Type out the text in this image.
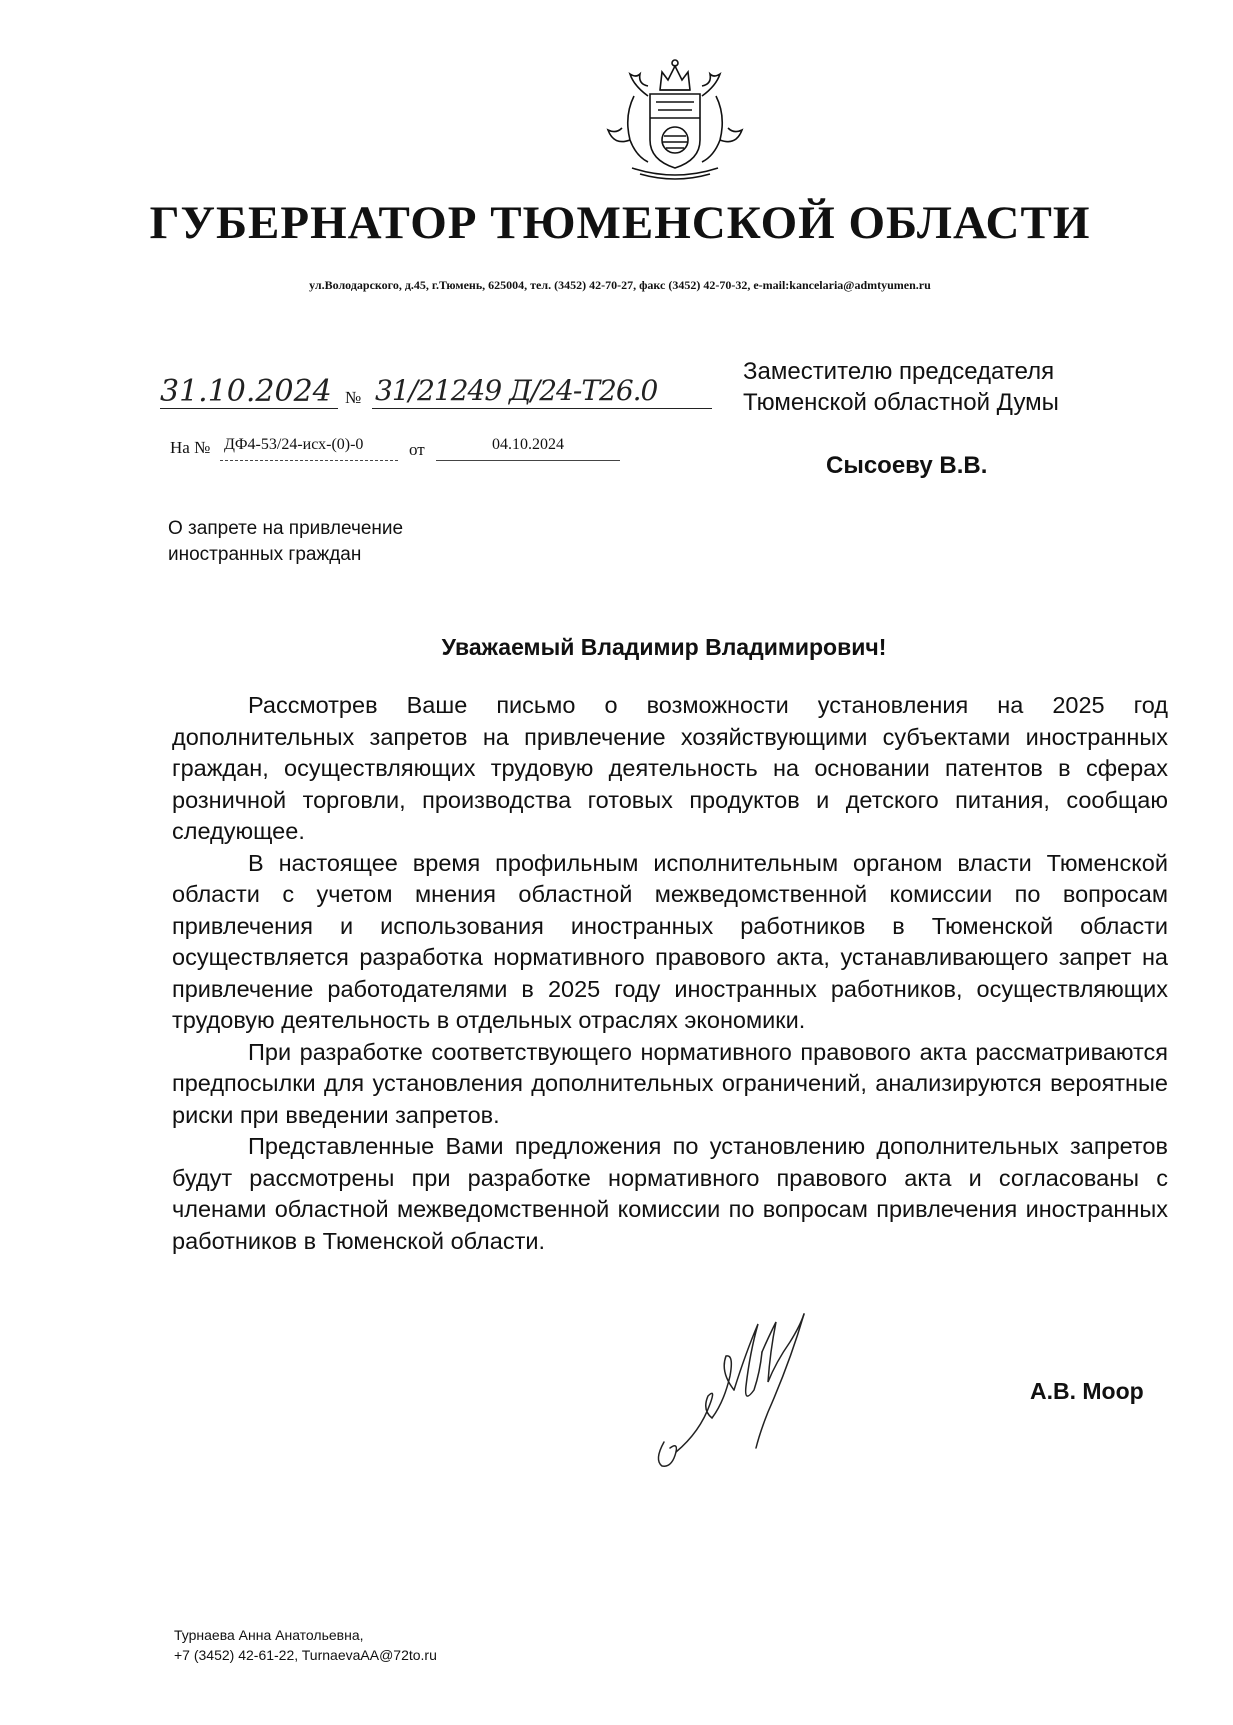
ГУБЕРНАТОР ТЮМЕНСКОЙ ОБЛАСТИ
ул.Володарского, д.45, г.Тюмень, 625004, тел. (3452) 42-70-27, факс (3452) 42-70-32, e-mail:kancelaria@admtyumen.ru
31.10.2024 № 31/21249 Д/24-Т26.0
На № ДФ4-53/24-исх-(0)-0	от	04.10.2024
Заместителю председателя
Тюменской областной Думы
Сысоеву В.В.
О запрете на привлечение
иностранных граждан
Уважаемый Владимир Владимирович!

Рассмотрев Ваше письмо о возможности установления на 2025 год дополнительных запретов на привлечение хозяйствующими субъектами иностранных граждан, осуществляющих трудовую деятельность на основании патентов в сферах розничной торговли, производства готовых продуктов и детского питания, сообщаю следующее.

В настоящее время профильным исполнительным органом власти Тюменской области с учетом мнения областной межведомственной комиссии по вопросам привлечения и использования иностранных работников в Тюменской области осуществляется разработка нормативного правового акта, устанавливающего запрет на привлечение работодателями в 2025 году иностранных работников, осуществляющих трудовую деятельность в отдельных отраслях экономики.

При разработке соответствующего нормативного правового акта рассматриваются предпосылки для установления дополнительных ограничений, анализируются вероятные риски при введении запретов.

Представленные Вами предложения по установлению дополнительных запретов будут рассмотрены при разработке нормативного правового акта и согласованы с членами областной межведомственной комиссии по вопросам привлечения иностранных работников в Тюменской области.

А.В. Моор
Турнаева Анна Анатольевна,
+7 (3452) 42-61-22, TurnaevaAA@72to.ru
